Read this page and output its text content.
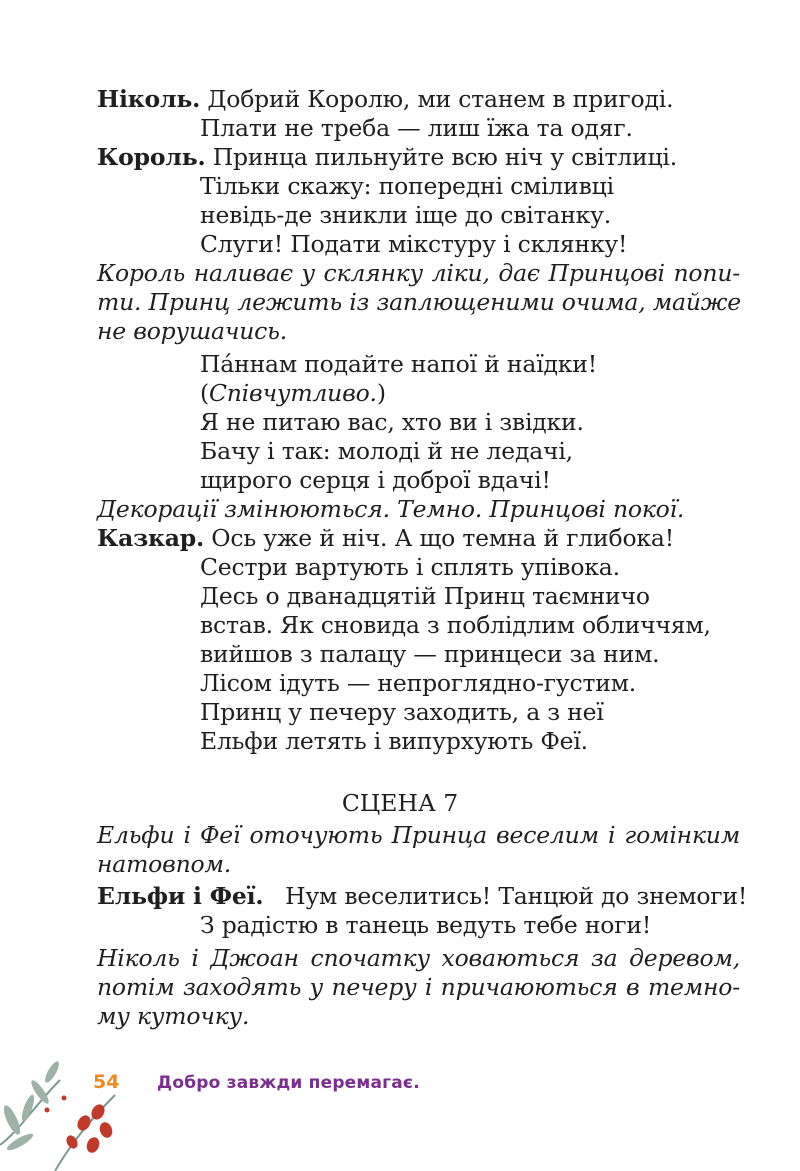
Ніколь. Добрий Королю, ми станем в пригоді.
Плати не треба — лиш їжа та одяг.
Король. Принца пильнуйте всю ніч у світлиці.
Тільки скажу: попередні сміливці
невідь-де зникли іще до світанку.
Слуги! Подати мікстуру і склянку!
Король наливає у склянку ліки, дає Принцові попи-
ти. Принц лежить із заплющеними очима, майже
не ворушачись.
Па́ннам подайте напої й наїдки!
(Співчутливо.)
Я не питаю вас, хто ви і звідки.
Бачу і так: молоді й не ледачі,
щирого серця і доброї вдачі!
Декорації змінюються. Темно. Принцові покої.
Казкар. Ось уже й ніч. А що темна й глибока!
Сестри вартують і сплять упівока.
Десь о дванадцятій Принц таємничо
встав. Як сновида з поблідлим обличчям,
вийшов з палацу — принцеси за ним.
Лісом ідуть — непроглядно-густим.
Принц у печеру заходить, а з неї
Ельфи летять і випурхують Феї.
СЦЕНА 7
Ельфи і Феї оточують Принца веселим і гомінким
натовпом.
Ельфи і Феї. Нум веселитись! Танцюй до знемоги!
З радістю в танець ведуть тебе ноги!
Ніколь і Джоан спочатку ховаються за деревом,
потім заходять у печеру і причаюються в темно-
му куточку.
54 Добро завжди перемагає.
